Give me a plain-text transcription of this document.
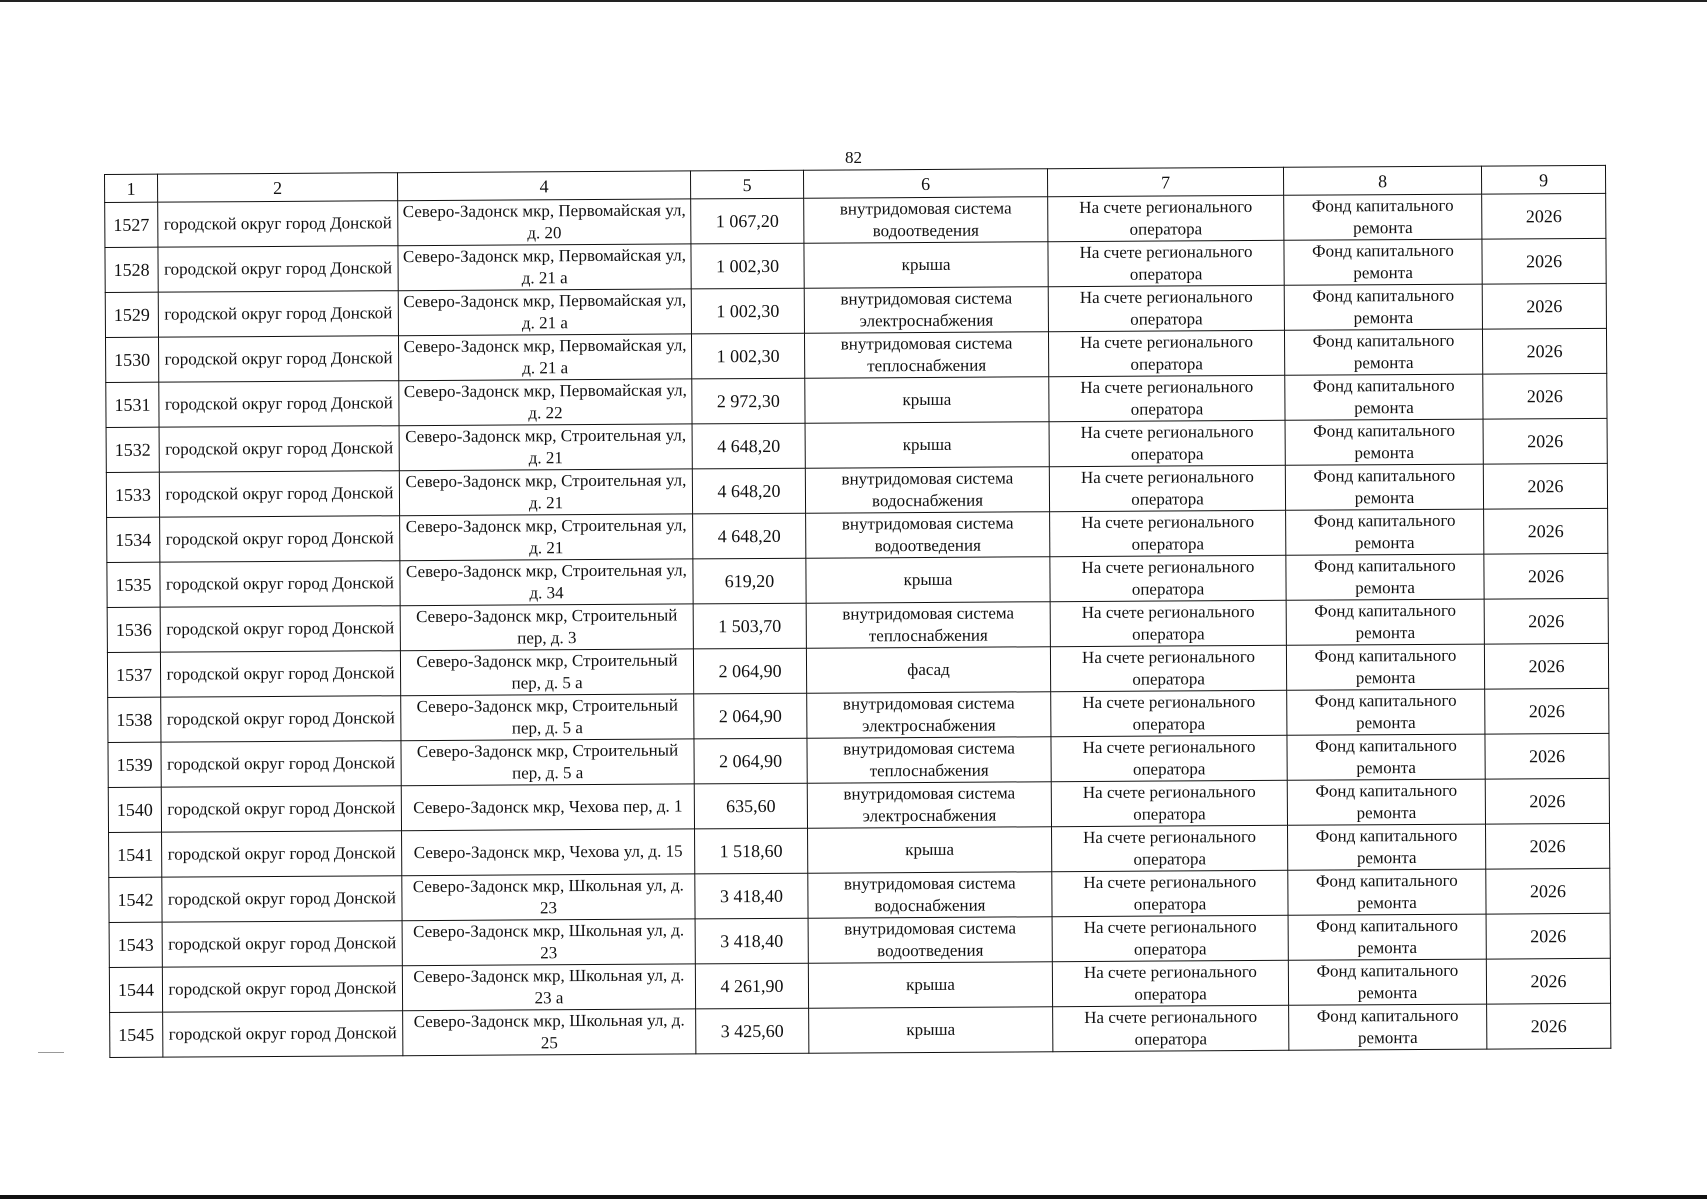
82
1	2	4	5	6	7	8	9
1527	городской округ город Донской	Северо-Задонск мкр, Первомайская ул, д. 20	1 067,20	внутридомовая система водоотведения	На счете регионального оператора	Фонд капитального ремонта	2026
1528	городской округ город Донской	Северо-Задонск мкр, Первомайская ул, д. 21 а	1 002,30	крыша	На счете регионального оператора	Фонд капитального ремонта	2026
1529	городской округ город Донской	Северо-Задонск мкр, Первомайская ул, д. 21 а	1 002,30	внутридомовая система электроснабжения	На счете регионального оператора	Фонд капитального ремонта	2026
1530	городской округ город Донской	Северо-Задонск мкр, Первомайская ул, д. 21 а	1 002,30	внутридомовая система теплоснабжения	На счете регионального оператора	Фонд капитального ремонта	2026
1531	городской округ город Донской	Северо-Задонск мкр, Первомайская ул, д. 22	2 972,30	крыша	На счете регионального оператора	Фонд капитального ремонта	2026
1532	городской округ город Донской	Северо-Задонск мкр, Строительная ул, д. 21	4 648,20	крыша	На счете регионального оператора	Фонд капитального ремонта	2026
1533	городской округ город Донской	Северо-Задонск мкр, Строительная ул, д. 21	4 648,20	внутридомовая система водоснабжения	На счете регионального оператора	Фонд капитального ремонта	2026
1534	городской округ город Донской	Северо-Задонск мкр, Строительная ул, д. 21	4 648,20	внутридомовая система водоотведения	На счете регионального оператора	Фонд капитального ремонта	2026
1535	городской округ город Донской	Северо-Задонск мкр, Строительная ул, д. 34	619,20	крыша	На счете регионального оператора	Фонд капитального ремонта	2026
1536	городской округ город Донской	Северо-Задонск мкр, Строительный пер, д. 3	1 503,70	внутридомовая система теплоснабжения	На счете регионального оператора	Фонд капитального ремонта	2026
1537	городской округ город Донской	Северо-Задонск мкр, Строительный пер, д. 5 а	2 064,90	фасад	На счете регионального оператора	Фонд капитального ремонта	2026
1538	городской округ город Донской	Северо-Задонск мкр, Строительный пер, д. 5 а	2 064,90	внутридомовая система электроснабжения	На счете регионального оператора	Фонд капитального ремонта	2026
1539	городской округ город Донской	Северо-Задонск мкр, Строительный пер, д. 5 а	2 064,90	внутридомовая система теплоснабжения	На счете регионального оператора	Фонд капитального ремонта	2026
1540	городской округ город Донской	Северо-Задонск мкр, Чехова пер, д. 1	635,60	внутридомовая система электроснабжения	На счете регионального оператора	Фонд капитального ремонта	2026
1541	городской округ город Донской	Северо-Задонск мкр, Чехова ул, д. 15	1 518,60	крыша	На счете регионального оператора	Фонд капитального ремонта	2026
1542	городской округ город Донской	Северо-Задонск мкр, Школьная ул, д. 23	3 418,40	внутридомовая система водоснабжения	На счете регионального оператора	Фонд капитального ремонта	2026
1543	городской округ город Донской	Северо-Задонск мкр, Школьная ул, д. 23	3 418,40	внутридомовая система водоотведения	На счете регионального оператора	Фонд капитального ремонта	2026
1544	городской округ город Донской	Северо-Задонск мкр, Школьная ул, д. 23 а	4 261,90	крыша	На счете регионального оператора	Фонд капитального ремонта	2026
1545	городской округ город Донской	Северо-Задонск мкр, Школьная ул, д. 25	3 425,60	крыша	На счете регионального оператора	Фонд капитального ремонта	2026
